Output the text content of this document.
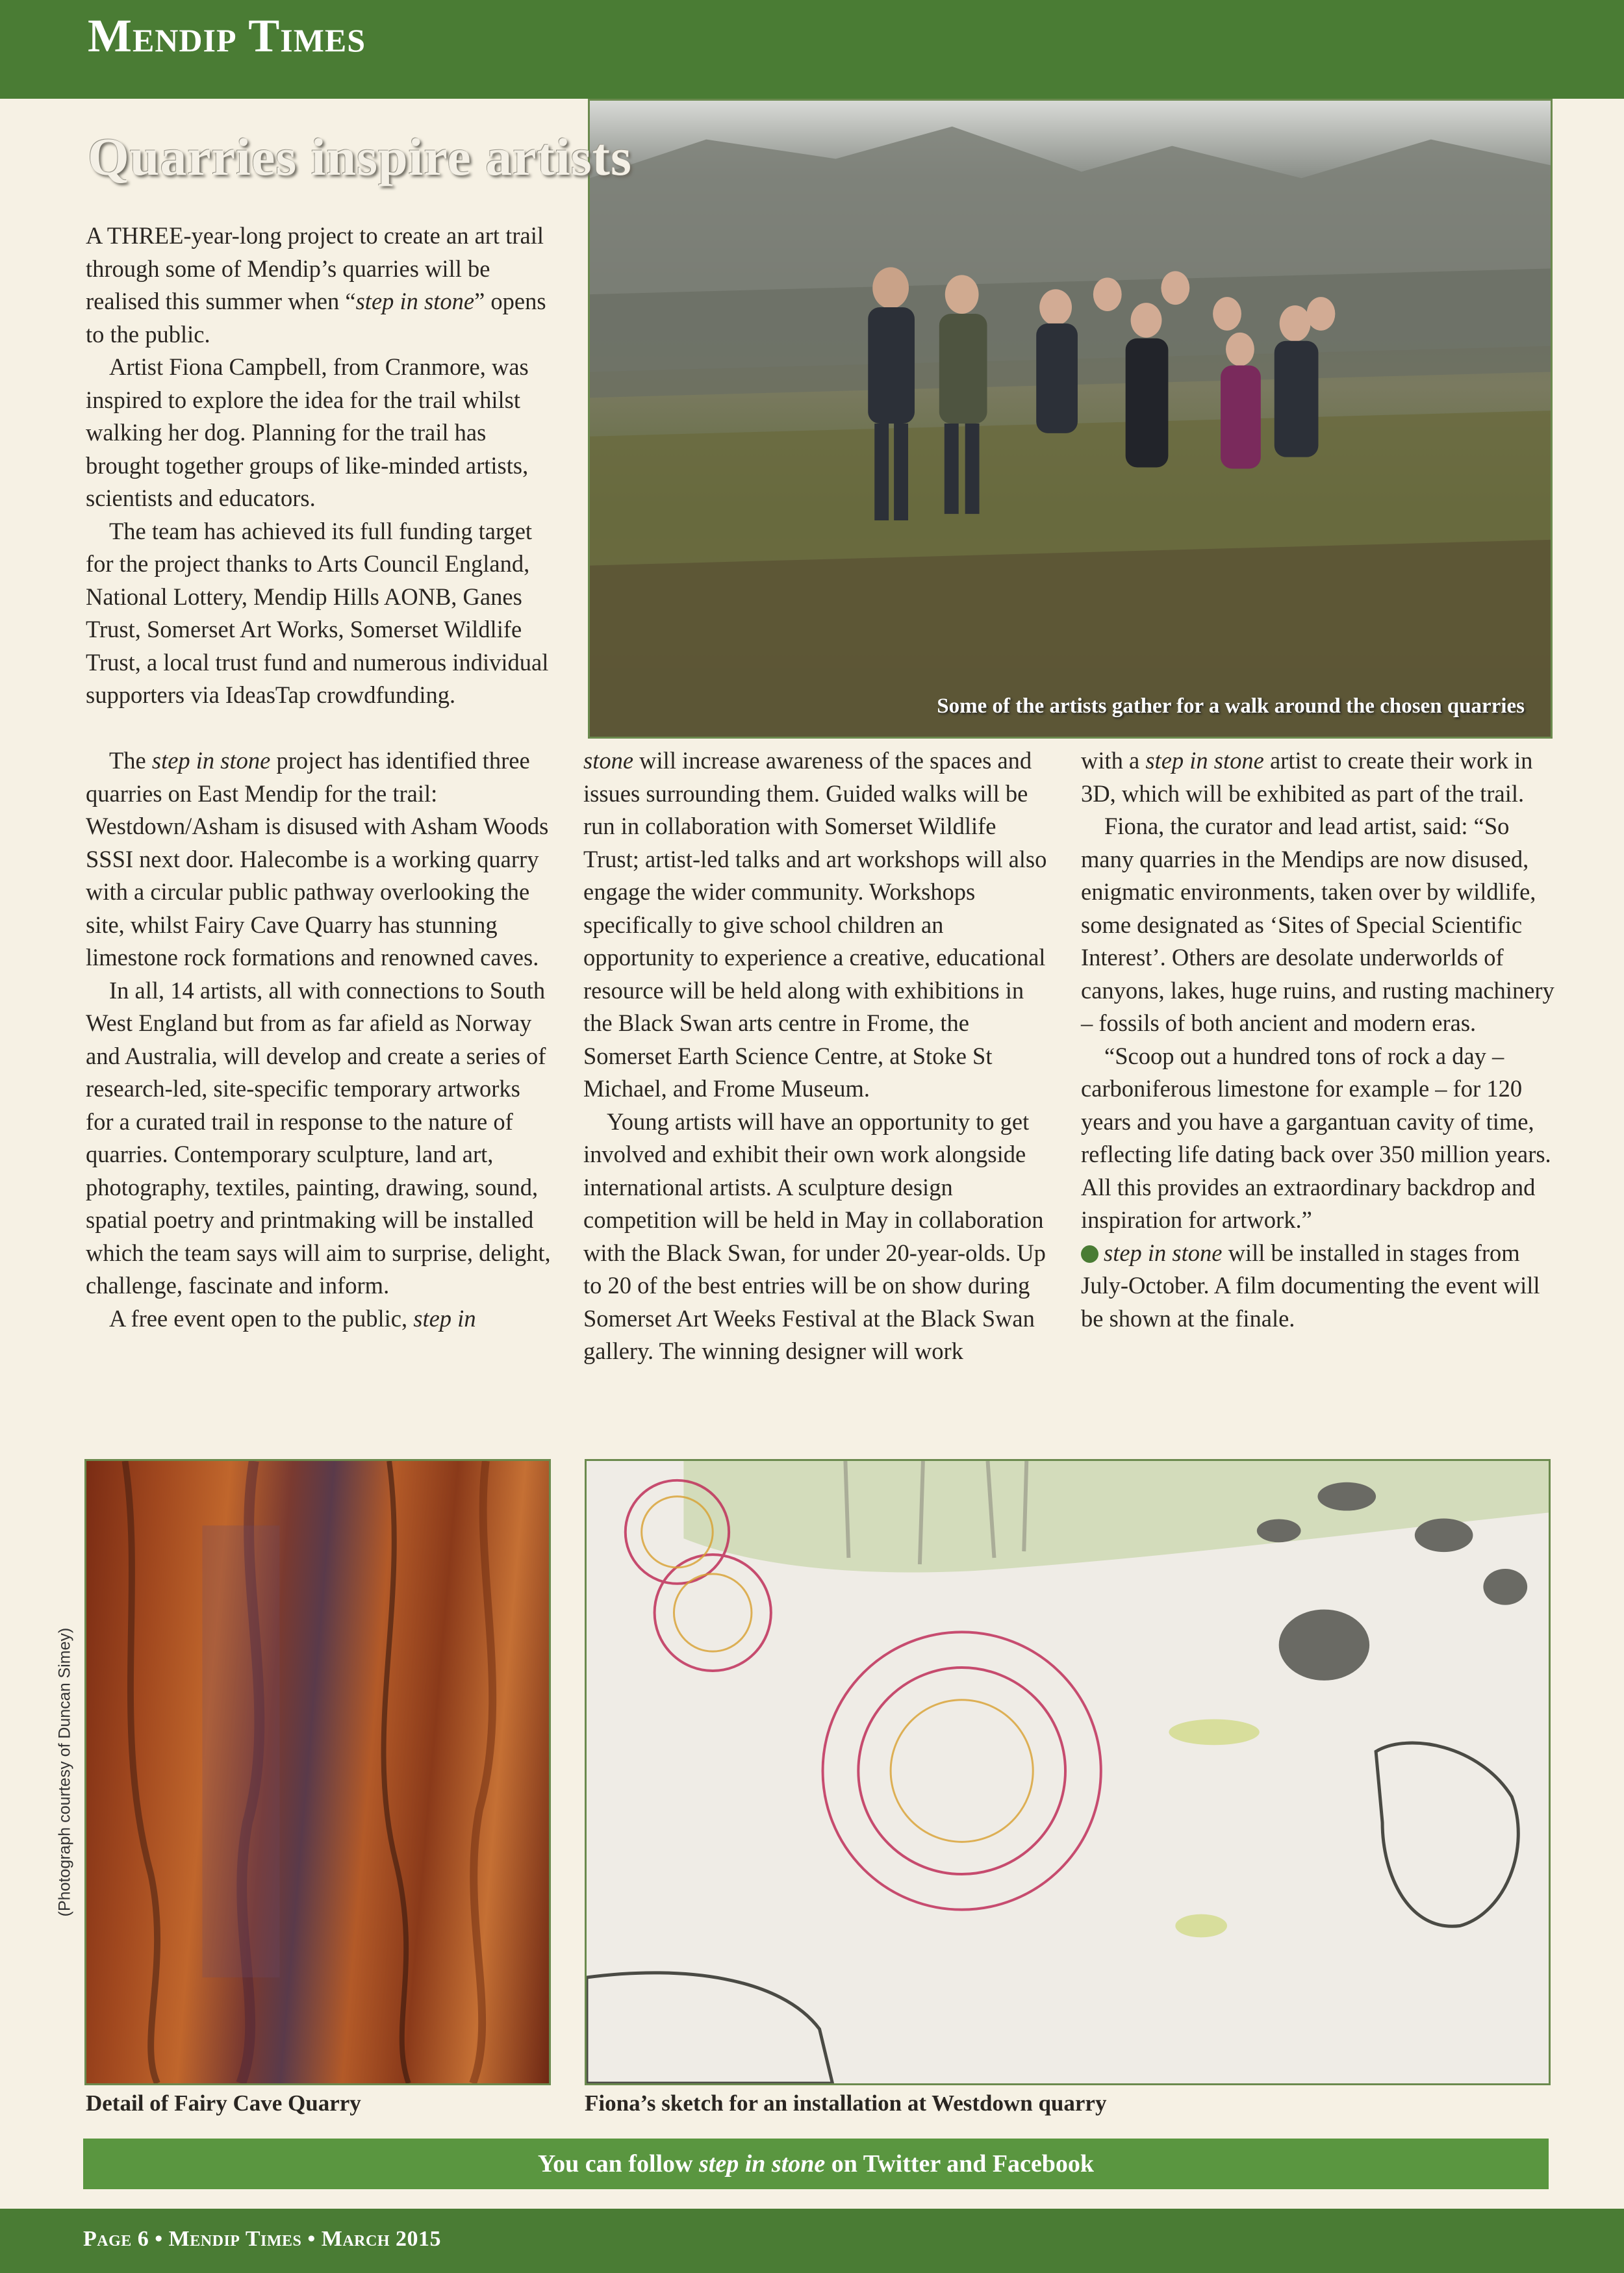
Mendip Times
Some of the artists gather for a walk around the chosen quarries
Quarries inspire artists

A THREE-year-long project to create an art trail through some of Mendip’s quarries will be realised this summer when “step in stone” opens to the public.

Artist Fiona Campbell, from Cranmore, was inspired to explore the idea for the trail whilst walking her dog. Planning for the trail has brought together groups of like-minded artists, scientists and educators.

The team has achieved its full funding target for the project thanks to Arts Council England, National Lottery, Mendip Hills AONB, Ganes Trust, Somerset Art Works, Somerset Wildlife Trust, a local trust fund and numerous individual supporters via IdeasTap crowdfunding.

The step in stone project has identified three quarries on East Mendip for the trail: Westdown/Asham is disused with Asham Woods SSSI next door. Halecombe is a working quarry with a circular public pathway overlooking the site, whilst Fairy Cave Quarry has stunning limestone rock formations and renowned caves.

In all, 14 artists, all with connections to South West England but from as far afield as Norway and Australia, will develop and create a series of research-led, site-specific temporary artworks for a curated trail in response to the nature of quarries. Contemporary sculpture, land art, photography, textiles, painting, drawing, sound, spatial poetry and printmaking will be installed which the team says will aim to surprise, delight, challenge, fascinate and inform.

A free event open to the public, step in

stone will increase awareness of the spaces and issues surrounding them. Guided walks will be run in collaboration with Somerset Wildlife Trust; artist-led talks and art workshops will also engage the wider community. Workshops specifically to give school children an opportunity to experience a creative, educational resource will be held along with exhibitions in the Black Swan arts centre in Frome, the Somerset Earth Science Centre, at Stoke St Michael, and Frome Museum.

Young artists will have an opportunity to get involved and exhibit their own work alongside international artists. A sculpture design competition will be held in May in collaboration with the Black Swan, for under 20-year-olds. Up to 20 of the best entries will be on show during Somerset Art Weeks Festival at the Black Swan gallery. The winning designer will work

with a step in stone artist to create their work in 3D, which will be exhibited as part of the trail.

Fiona, the curator and lead artist, said: “So many quarries in the Mendips are now disused, enigmatic environments, taken over by wildlife, some designated as ‘Sites of Special Scientific Interest’. Others are desolate underworlds of canyons, lakes, huge ruins, and rusting machinery – fossils of both ancient and modern eras.

“Scoop out a hundred tons of rock a day – carboniferous limestone for example – for 120 years and you have a gargantuan cavity of time, reflecting life dating back over 350 million years. All this provides an extraordinary backdrop and inspiration for artwork.”

step in stone will be installed in stages from July-October. A film documenting the event will be shown at the finale.

(Photograph courtesy of Duncan Simey)
Detail of Fairy Cave Quarry	Fiona’s sketch for an installation at Westdown quarry
You can follow step in stone on Twitter and Facebook
Page 6 • Mendip Times • March 2015
